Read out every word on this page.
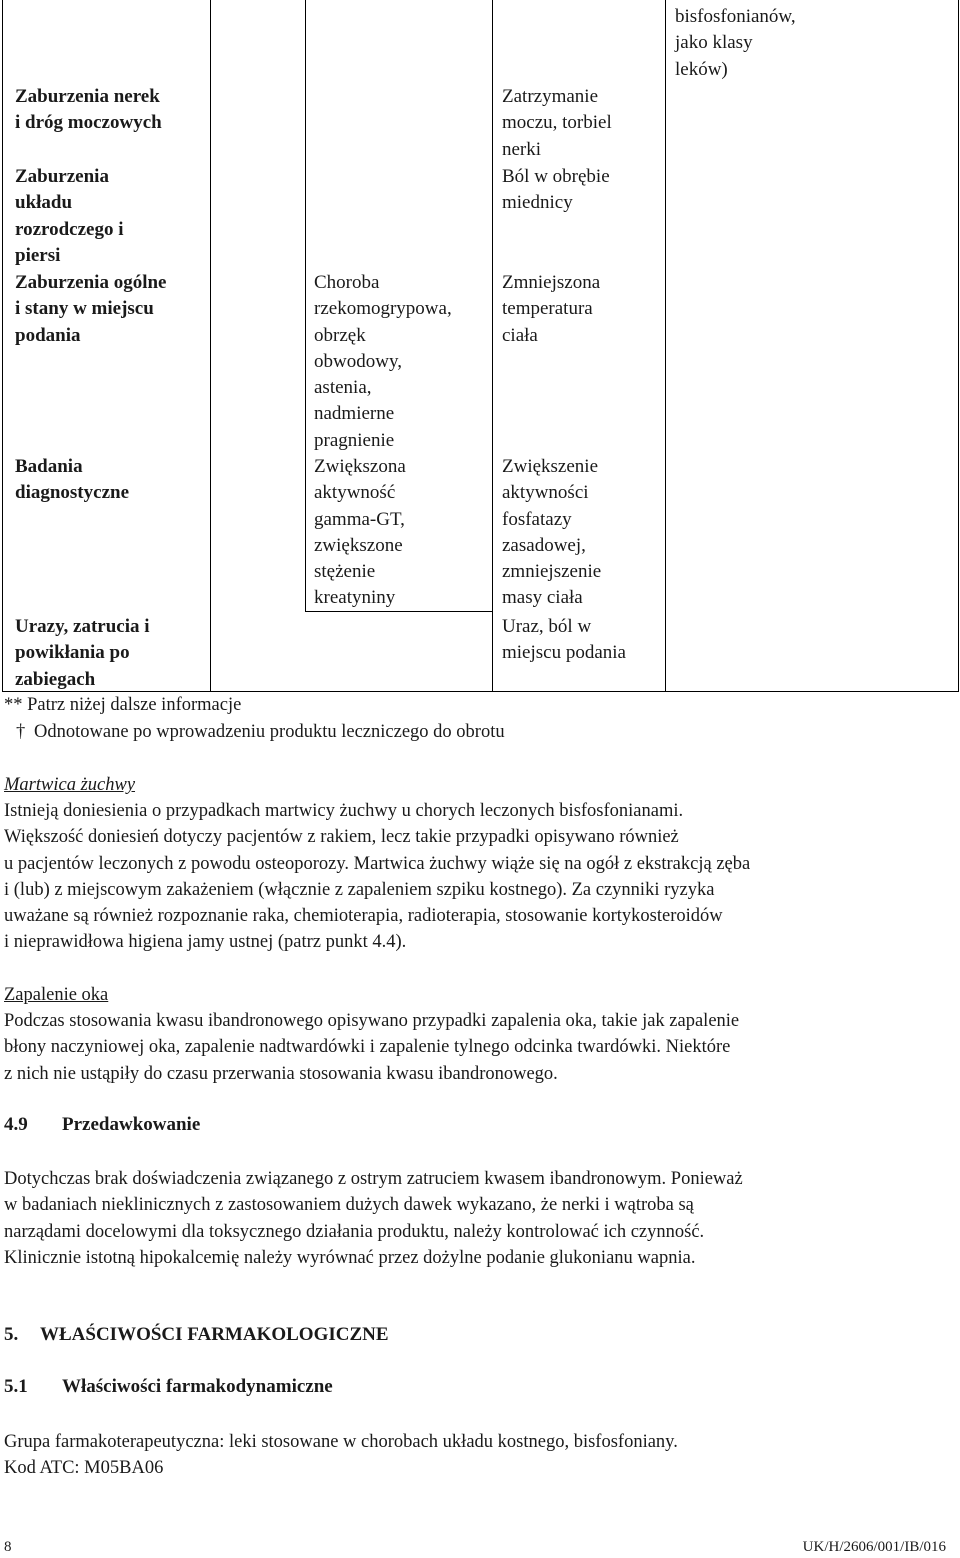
Zaburzenia nerek
i dróg moczowych
Zaburzenia
układu
rozrodczego i
piersi
Zaburzenia ogólne
i stany w miejscu
podania
Badania
diagnostyczne
Urazy, zatrucia i
powikłania po
zabiegach
Choroba
rzekomogrypowa,
obrzęk
obwodowy,
astenia,
nadmierne
pragnienie
Zwiększona
aktywność
gamma-GT,
zwiększone
stężenie
kreatyniny
Zatrzymanie
moczu, torbiel
nerki
Ból w obrębie
miednicy
Zmniejszona
temperatura
ciała
Zwiększenie
aktywności
fosfatazy
zasadowej,
zmniejszenie
masy ciała
Uraz, ból w
miejscu podania
bisfosfonianów,
jako klasy
leków)
** Patrz niżej dalsze informacje
† Odnotowane po wprowadzeniu produktu leczniczego do obrotu
Martwica żuchwy
Istnieją doniesienia o przypadkach martwicy żuchwy u chorych leczonych bisfosfonianami.
Większość doniesień dotyczy pacjentów z rakiem, lecz takie przypadki opisywano również
u pacjentów leczonych z powodu osteoporozy. Martwica żuchwy wiąże się na ogół z ekstrakcją zęba
i (lub) z miejscowym zakażeniem (włącznie z zapaleniem szpiku kostnego). Za czynniki ryzyka
uważane są również rozpoznanie raka, chemioterapia, radioterapia, stosowanie kortykosteroidów
i nieprawidłowa higiena jamy ustnej (patrz punkt 4.4).
Zapalenie oka
Podczas stosowania kwasu ibandronowego opisywano przypadki zapalenia oka, takie jak zapalenie
błony naczyniowej oka, zapalenie nadtwardówki i zapalenie tylnego odcinka twardówki. Niektóre
z nich nie ustąpiły do czasu przerwania stosowania kwasu ibandronowego.
4.9 Przedawkowanie
Dotychczas brak doświadczenia związanego z ostrym zatruciem kwasem ibandronowym. Ponieważ
w badaniach nieklinicznych z zastosowaniem dużych dawek wykazano, że nerki i wątroba są
narządami docelowymi dla toksycznego działania produktu, należy kontrolować ich czynność.
Klinicznie istotną hipokalcemię należy wyrównać przez dożylne podanie glukonianu wapnia.
5. WŁAŚCIWOŚCI FARMAKOLOGICZNE
5.1 Właściwości farmakodynamiczne
Grupa farmakoterapeutyczna: leki stosowane w chorobach układu kostnego, bisfosfoniany.
Kod ATC: M05BA06
8	UK/H/2606/001/IB/016
